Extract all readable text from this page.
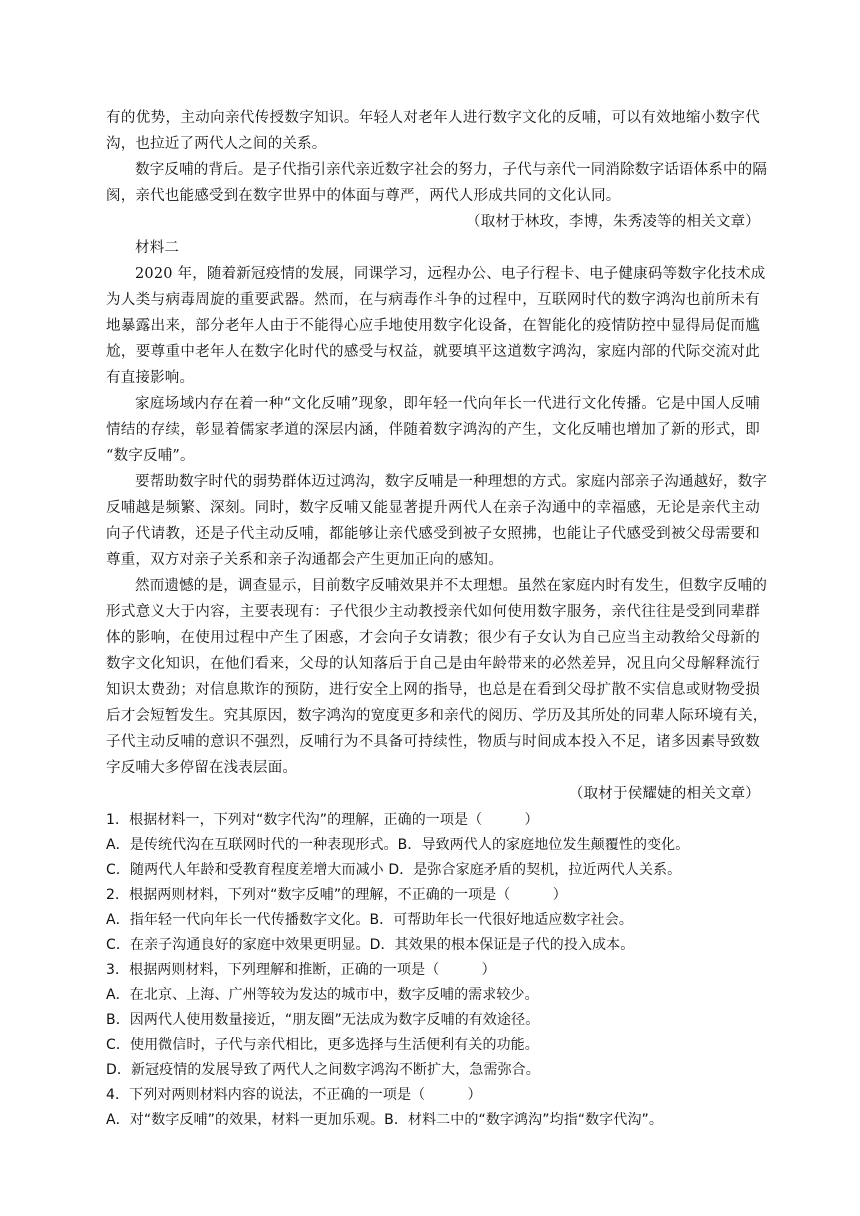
有的优势，主动向亲代传授数字知识。年轻人对老年人进行数字文化的反哺，可以有效地缩小数字代
沟，也拉近了两代人之间的关系。
数字反哺的背后。是子代指引亲代亲近数字社会的努力，子代与亲代一同消除数字话语体系中的隔
阂，亲代也能感受到在数字世界中的体面与尊严，两代人形成共同的文化认同。
（取材于林玫，李博，朱秀凌等的相关文章）
材料二
2020 年，随着新冠疫情的发展，同课学习，远程办公、电子行程卡、电子健康码等数字化技术成
为人类与病毒周旋的重要武器。然而，在与病毒作斗争的过程中，互联网时代的数字鸿沟也前所未有
地暴露出来，部分老年人由于不能得心应手地使用数字化设备，在智能化的疫情防控中显得局促而尴
尬，要尊重中老年人在数字化时代的感受与权益，就要填平这道数字鸿沟，家庭内部的代际交流对此
有直接影响。
家庭场域内存在着一种“文化反哺”现象，即年轻一代向年长一代进行文化传播。它是中国人反哺
情结的存续，彰显着儒家孝道的深层内涵，伴随着数字鸿沟的产生，文化反哺也增加了新的形式，即
“数字反哺”。
要帮助数字时代的弱势群体迈过鸿沟，数字反哺是一种理想的方式。家庭内部亲子沟通越好，数字
反哺越是频繁、深刻。同时，数字反哺又能显著提升两代人在亲子沟通中的幸福感，无论是亲代主动
向子代请教，还是子代主动反哺，都能够让亲代感受到被子女照拂，也能让子代感受到被父母需要和
尊重，双方对亲子关系和亲子沟通都会产生更加正向的感知。
然而遗憾的是，调查显示，目前数字反哺效果并不太理想。虽然在家庭内时有发生，但数字反哺的
形式意义大于内容，主要表现有：子代很少主动教授亲代如何使用数字服务，亲代往往是受到同辈群
体的影响，在使用过程中产生了困惑，才会向子女请教；很少有子女认为自己应当主动教给父母新的
数字文化知识，在他们看来，父母的认知落后于自己是由年龄带来的必然差异，况且向父母解释流行
知识太费劲；对信息欺诈的预防，进行安全上网的指导，也总是在看到父母扩散不实信息或财物受损
后才会短暂发生。究其原因，数字鸿沟的宽度更多和亲代的阅历、学历及其所处的同辈人际环境有关，
子代主动反哺的意识不强烈，反哺行为不具备可持续性，物质与时间成本投入不足，诸多因素导致数
字反哺大多停留在浅表层面。
（取材于侯耀婕的相关文章）
1．根据材料一，下列对“数字代沟”的理解，正确的一项是（　　　）
A．是传统代沟在互联网时代的一种表现形式。B．导致两代人的家庭地位发生颠覆性的变化。
C．随两代人年龄和受教育程度差增大而减小 D．是弥合家庭矛盾的契机，拉近两代人关系。
2．根据两则材料，下列对“数字反哺”的理解，不正确的一项是（　　　）
A．指年轻一代向年长一代传播数字文化。B．可帮助年长一代很好地适应数字社会。
C．在亲子沟通良好的家庭中效果更明显。D．其效果的根本保证是子代的投入成本。
3．根据两则材料，下列理解和推断，正确的一项是（　　　）
A．在北京、上海、广州等较为发达的城市中，数字反哺的需求较少。
B．因两代人使用数量接近，“朋友圈”无法成为数字反哺的有效途径。
C．使用微信时，子代与亲代相比，更多选择与生活便利有关的功能。
D．新冠疫情的发展导致了两代人之间数字鸿沟不断扩大，急需弥合。
4．下列对两则材料内容的说法，不正确的一项是（　　　）
A．对“数字反哺”的效果，材料一更加乐观。B．材料二中的“数字鸿沟”均指“数字代沟”。
